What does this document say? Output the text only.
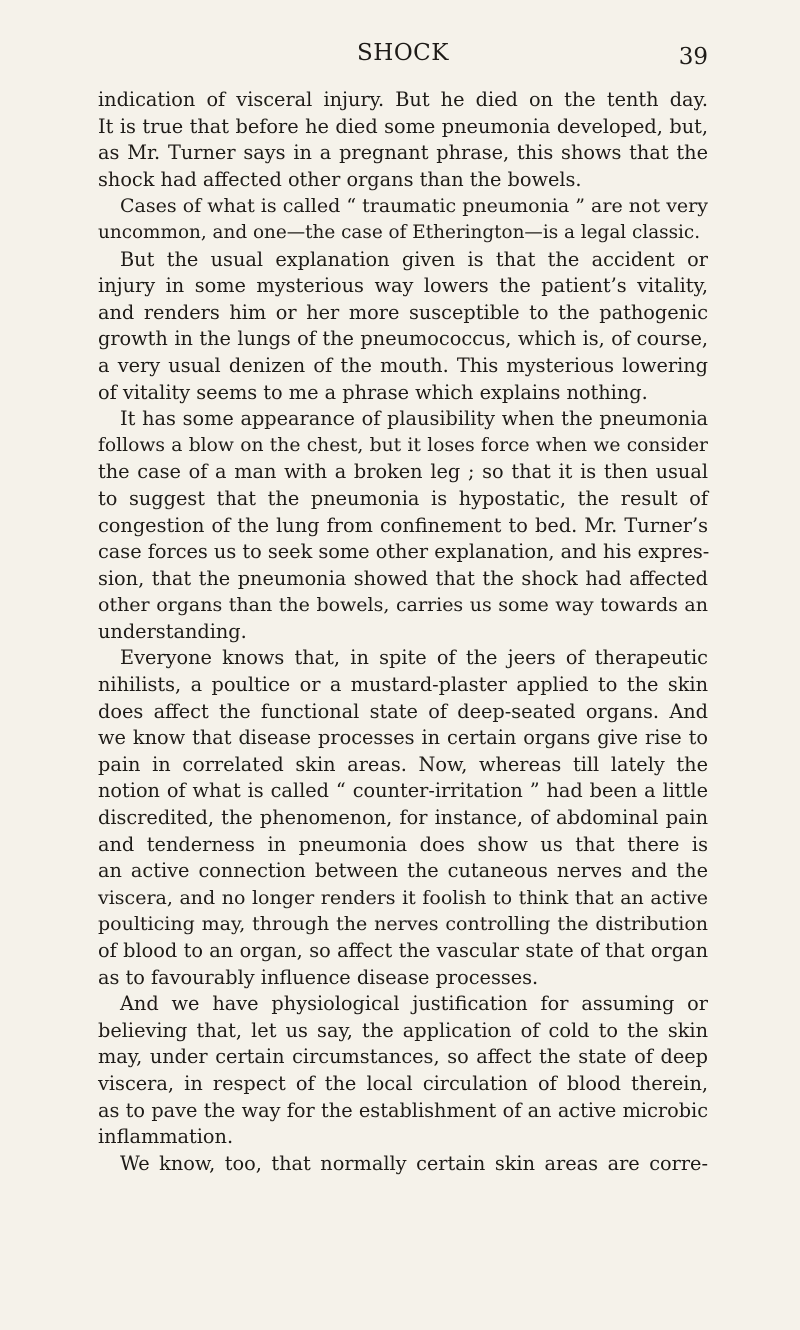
SHOCK	39
indication of visceral injury. But he died on the tenth day.
It is true that before he died some pneumonia developed, but,
as Mr. Turner says in a pregnant phrase, this shows that the
shock had affected other organs than the bowels.
Cases of what is called “ traumatic pneumonia ” are not very
uncommon, and one—the case of Etherington—is a legal classic.
But the usual explanation given is that the accident or
injury in some mysterious way lowers the patient’s vitality,
and renders him or her more susceptible to the pathogenic
growth in the lungs of the pneumococcus, which is, of course,
a very usual denizen of the mouth. This mysterious lowering
of vitality seems to me a phrase which explains nothing.
It has some appearance of plausibility when the pneumonia
follows a blow on the chest, but it loses force when we consider
the case of a man with a broken leg ; so that it is then usual
to suggest that the pneumonia is hypostatic, the result of
congestion of the lung from confinement to bed. Mr. Turner’s
case forces us to seek some other explanation, and his expres-
sion, that the pneumonia showed that the shock had affected
other organs than the bowels, carries us some way towards an
understanding.
Everyone knows that, in spite of the jeers of therapeutic
nihilists, a poultice or a mustard-plaster applied to the skin
does affect the functional state of deep-seated organs. And
we know that disease processes in certain organs give rise to
pain in correlated skin areas. Now, whereas till lately the
notion of what is called “ counter-irritation ” had been a little
discredited, the phenomenon, for instance, of abdominal pain
and tenderness in pneumonia does show us that there is
an active connection between the cutaneous nerves and the
viscera, and no longer renders it foolish to think that an active
poulticing may, through the nerves controlling the distribution
of blood to an organ, so affect the vascular state of that organ
as to favourably influence disease processes.
And we have physiological justification for assuming or
believing that, let us say, the application of cold to the skin
may, under certain circumstances, so affect the state of deep
viscera, in respect of the local circulation of blood therein,
as to pave the way for the establishment of an active microbic
inflammation.
We know, too, that normally certain skin areas are corre-
